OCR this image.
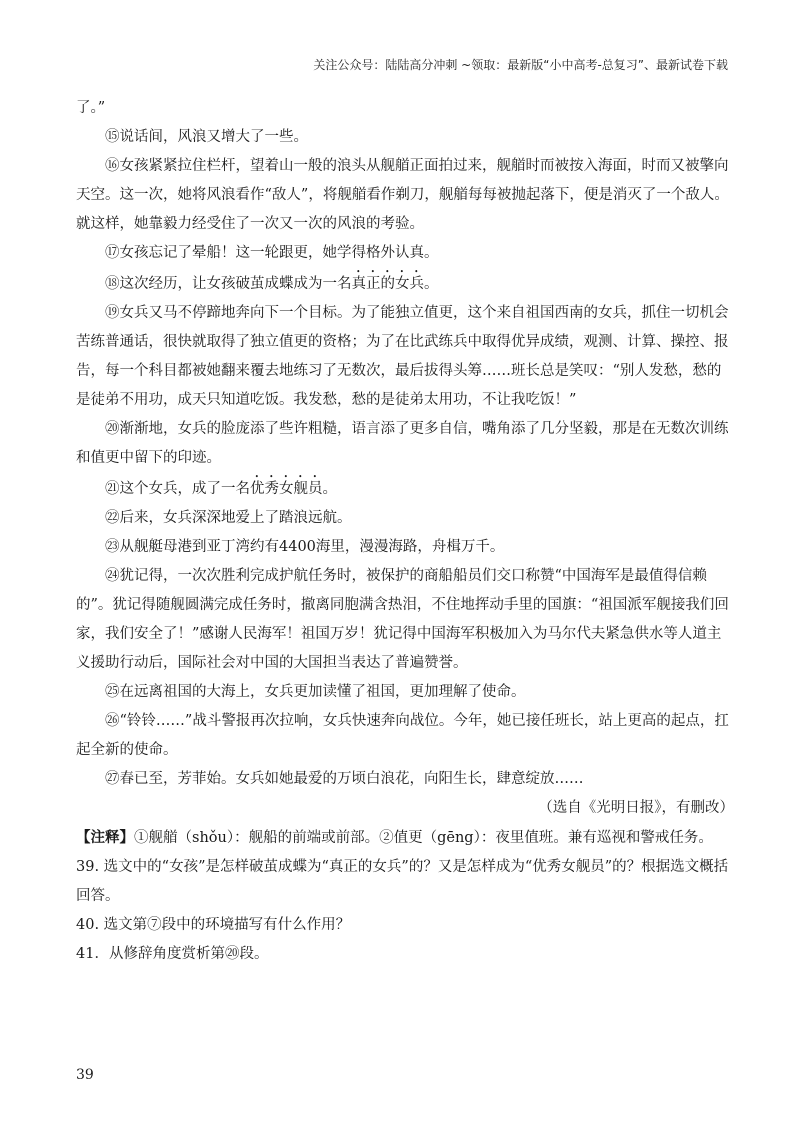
关注公众号：陆陆高分冲刺 ~领取：最新版“小中高考-总复习”、最新试卷下载

了。”

⑮说话间，风浪又增大了一些。

⑯女孩紧紧拉住栏杆，望着山一般的浪头从舰艏正面拍过来，舰艏时而被按入海面，时而又被擎向天空。这一次，她将风浪看作“敌人”，将舰艏看作剃刀，舰艏每每被抛起落下，便是消灭了一个敌人。就这样，她靠毅力经受住了一次又一次的风浪的考验。

⑰女孩忘记了晕船！这一轮跟更，她学得格外认真。

⑱这次经历，让女孩破茧成蝶成为一名真正的女兵。

⑲女兵又马不停蹄地奔向下一个目标。为了能独立值更，这个来自祖国西南的女兵，抓住一切机会苦练普通话，很快就取得了独立值更的资格；为了在比武练兵中取得优异成绩，观测、计算、操控、报告，每一个科目都被她翻来覆去地练习了无数次，最后拔得头筹……班长总是笑叹：“别人发愁，愁的是徒弟不用功，成天只知道吃饭。我发愁，愁的是徒弟太用功，不让我吃饭！”

⑳渐渐地，女兵的脸庞添了些许粗糙，语言添了更多自信，嘴角添了几分坚毅，那是在无数次训练和值更中留下的印迹。

㉑这个女兵，成了一名优秀女舰员。

㉒后来，女兵深深地爱上了踏浪远航。

㉓从舰艇母港到亚丁湾约有4400海里，漫漫海路，舟楫万千。

㉔犹记得，一次次胜利完成护航任务时，被保护的商船船员们交口称赞“中国海军是最值得信赖的”。犹记得随舰圆满完成任务时，撤离同胞满含热泪，不住地挥动手里的国旗：“祖国派军舰接我们回家，我们安全了！”感谢人民海军！祖国万岁！犹记得中国海军积极加入为马尔代夫紧急供水等人道主义援助行动后，国际社会对中国的大国担当表达了普遍赞誉。

㉕在远离祖国的大海上，女兵更加读懂了祖国，更加理解了使命。

㉖“铃铃……”战斗警报再次拉响，女兵快速奔向战位。今年，她已接任班长，站上更高的起点，扛起全新的使命。

㉗春已至，芳菲始。女兵如她最爱的万顷白浪花，向阳生长，肆意绽放……

（选自《光明日报》，有删改）

【注释】①舰艏（shǒu）：舰船的前端或前部。②值更（gēng）：夜里值班。兼有巡视和警戒任务。

39. 选文中的“女孩”是怎样破茧成蝶为“真正的女兵”的？又是怎样成为“优秀女舰员”的？根据选文概括回答。

40. 选文第⑦段中的环境描写有什么作用？

41．从修辞角度赏析第⑳段。

39
